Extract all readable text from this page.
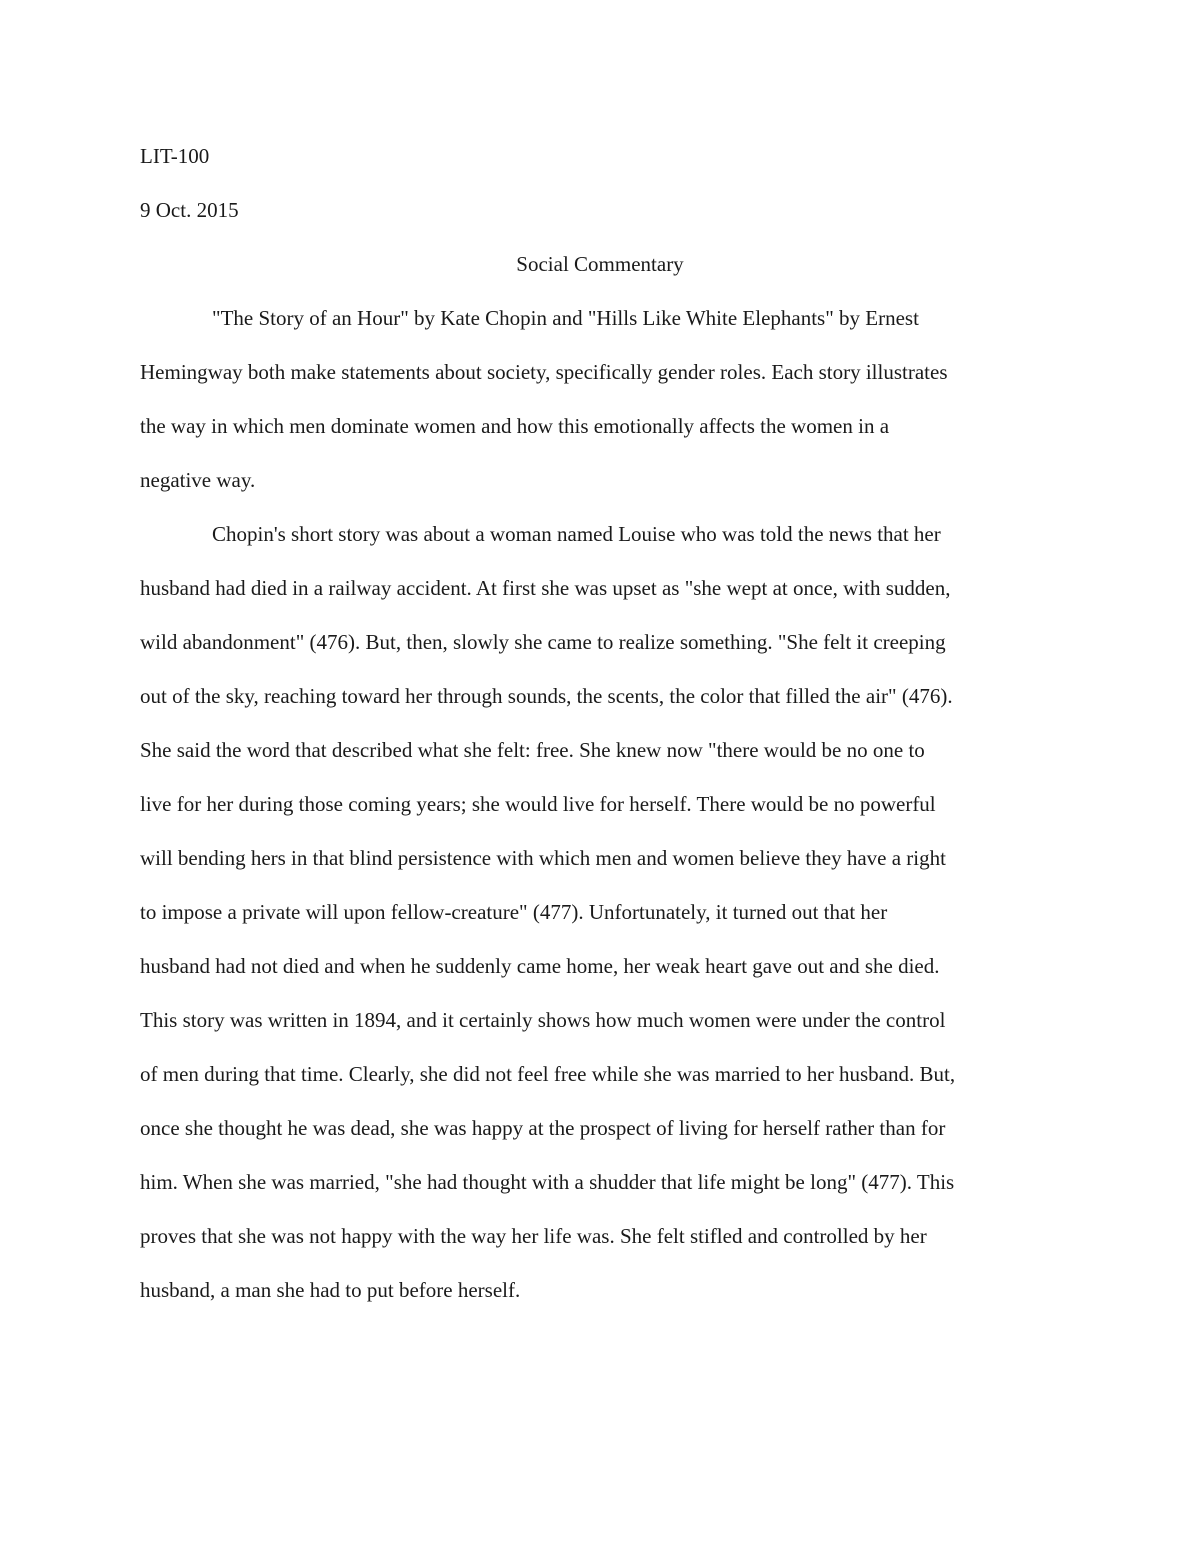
LIT-100
9 Oct. 2015
Social Commentary
"The Story of an Hour" by Kate Chopin and "Hills Like White Elephants" by Ernest
Hemingway both make statements about society, specifically gender roles. Each story illustrates
the way in which men dominate women and how this emotionally affects the women in a
negative way.
Chopin's short story was about a woman named Louise who was told the news that her
husband had died in a railway accident. At first she was upset as "she wept at once, with sudden,
wild abandonment" (476). But, then, slowly she came to realize something. "She felt it creeping
out of the sky, reaching toward her through sounds, the scents, the color that filled the air" (476).
She said the word that described what she felt: free. She knew now "there would be no one to
live for her during those coming years; she would live for herself. There would be no powerful
will bending hers in that blind persistence with which men and women believe they have a right
to impose a private will upon fellow-creature" (477). Unfortunately, it turned out that her
husband had not died and when he suddenly came home, her weak heart gave out and she died.
This story was written in 1894, and it certainly shows how much women were under the control
of men during that time. Clearly, she did not feel free while she was married to her husband. But,
once she thought he was dead, she was happy at the prospect of living for herself rather than for
him. When she was married, "she had thought with a shudder that life might be long" (477). This
proves that she was not happy with the way her life was. She felt stifled and controlled by her
husband, a man she had to put before herself.
